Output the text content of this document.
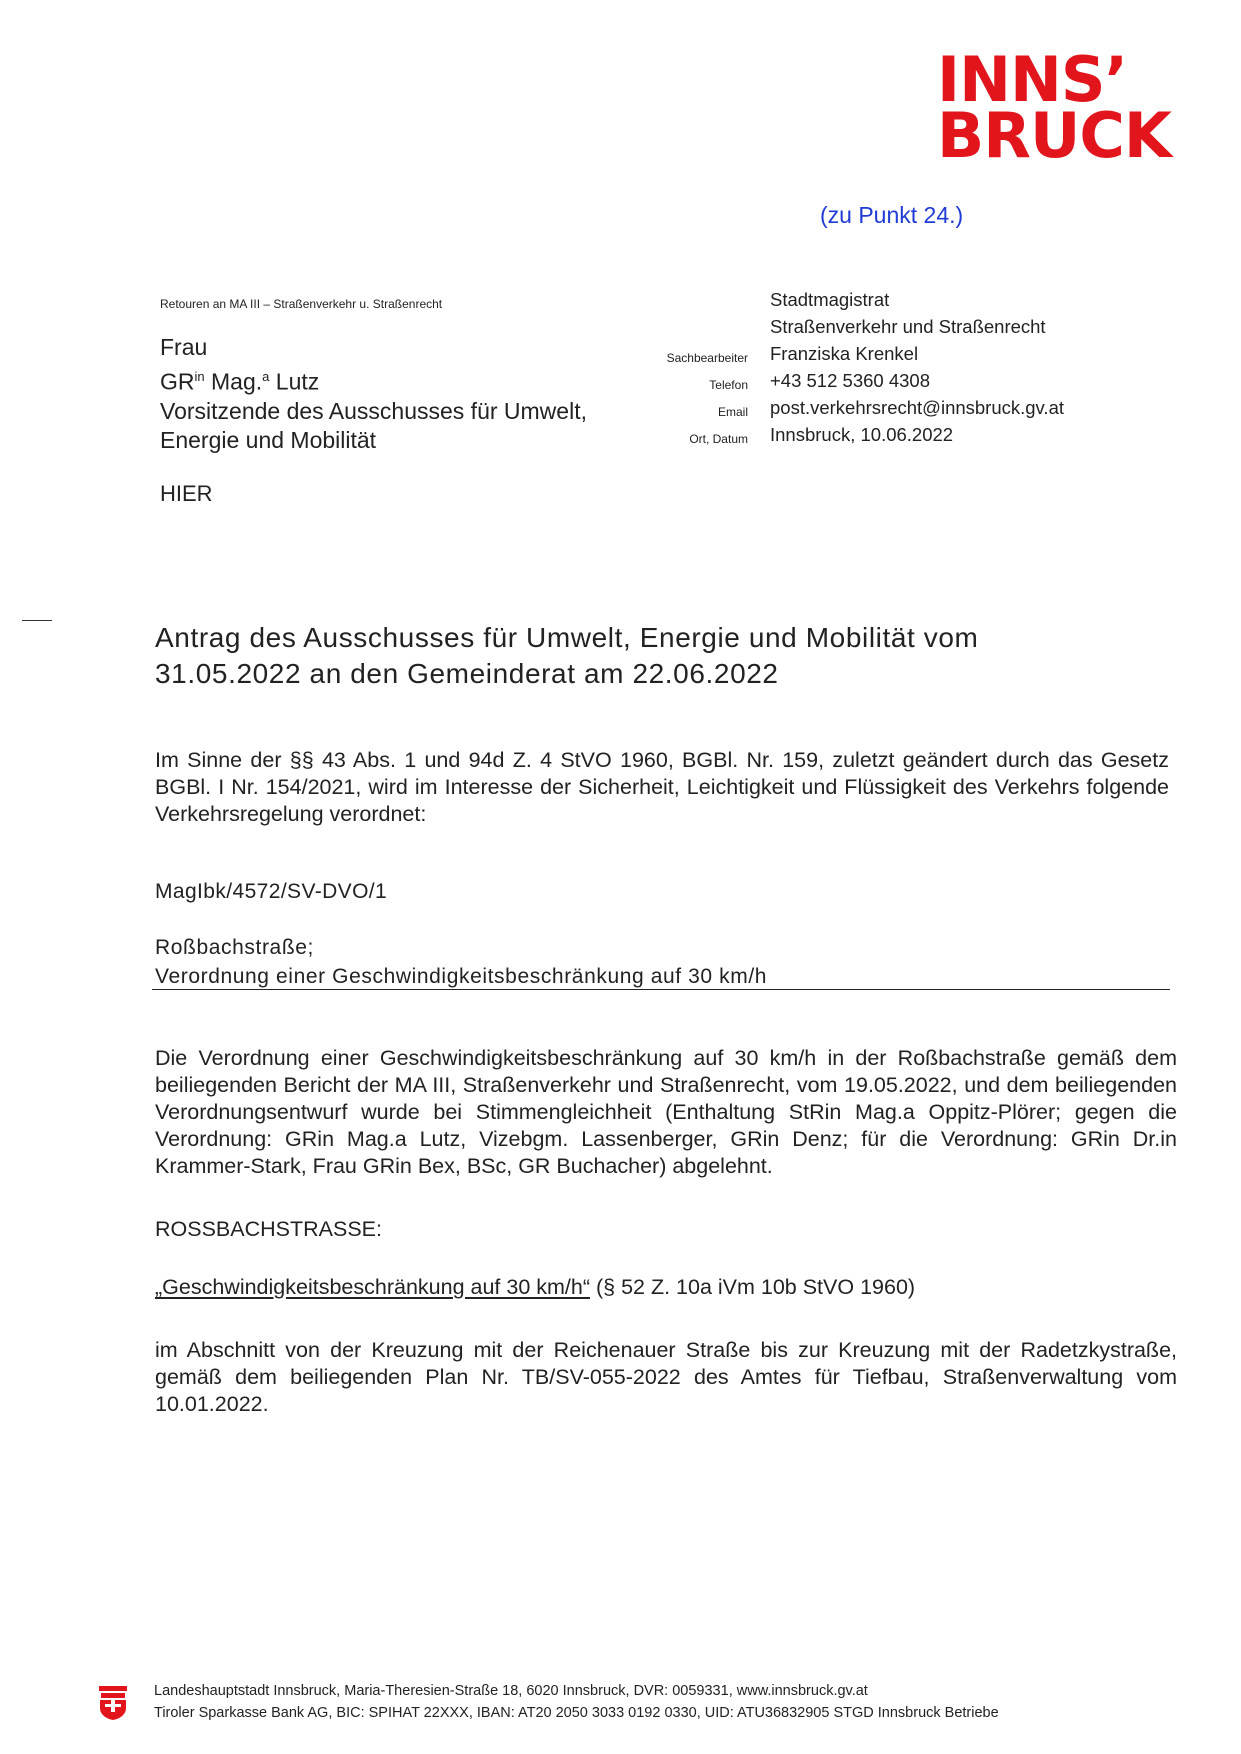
INNS’
BRUCK
(zu Punkt 24.)
Retouren an MA III – Straßenverkehr u. Straßenrecht
Frau
$GR^{in}$ Mag.$^a$ Lutz
Vorsitzende des Ausschusses für Umwelt,
Energie und Mobilität
HIER
Sachbearbeiter
Telefon
Email
Ort, Datum
Stadtmagistrat
Straßenverkehr und Straßenrecht
Franziska Krenkel
+43 512 5360 4308
post.verkehrsrecht@innsbruck.gv.at
Innsbruck, 10.06.2022
Antrag des Ausschusses für Umwelt, Energie und Mobilität vom
31.05.2022 an den Gemeinderat am 22.06.2022
Im Sinne der §§ 43 Abs. 1 und 94d Z. 4 StVO 1960, BGBl. Nr. 159, zuletzt geändert durch das Gesetz BGBl. I Nr. 154/2021, wird im Interesse der Sicherheit, Leichtigkeit und Flüssigkeit des Verkehrs folgende Verkehrsregelung verordnet:
MagIbk/4572/SV-DVO/1
Roßbachstraße;
Verordnung einer Geschwindigkeitsbeschränkung auf 30 km/h
Die Verordnung einer Geschwindigkeitsbeschränkung auf 30 km/h in der Roßbachstraße gemäß dem beiliegenden Bericht der MA III, Straßenverkehr und Straßenrecht, vom 19.05.2022, und dem beiliegenden Verordnungsentwurf wurde bei Stimmengleichheit (Enthaltung StRin Mag.a Oppitz-Plörer; gegen die Verordnung: GRin Mag.a Lutz, Vizebgm. Lassenberger, GRin Denz; für die Verordnung: GRin Dr.in Krammer-Stark, Frau GRin Bex, BSc, GR Buchacher) abgelehnt.
ROSSBACHSTRASSE:
„Geschwindigkeitsbeschränkung auf 30 km/h“ (§ 52 Z. 10a iVm 10b StVO 1960)
im Abschnitt von der Kreuzung mit der Reichenauer Straße bis zur Kreuzung mit der Radetzkystraße, gemäß dem beiliegenden Plan Nr. TB/SV-055-2022 des Amtes für Tiefbau, Straßenverwaltung vom 10.01.2022.
Landeshauptstadt Innsbruck, Maria-Theresien-Straße 18, 6020 Innsbruck, DVR: 0059331, www.innsbruck.gv.at
Tiroler Sparkasse Bank AG, BIC: SPIHAT 22XXX, IBAN: AT20 2050 3033 0192 0330, UID: ATU36832905 STGD Innsbruck Betriebe
